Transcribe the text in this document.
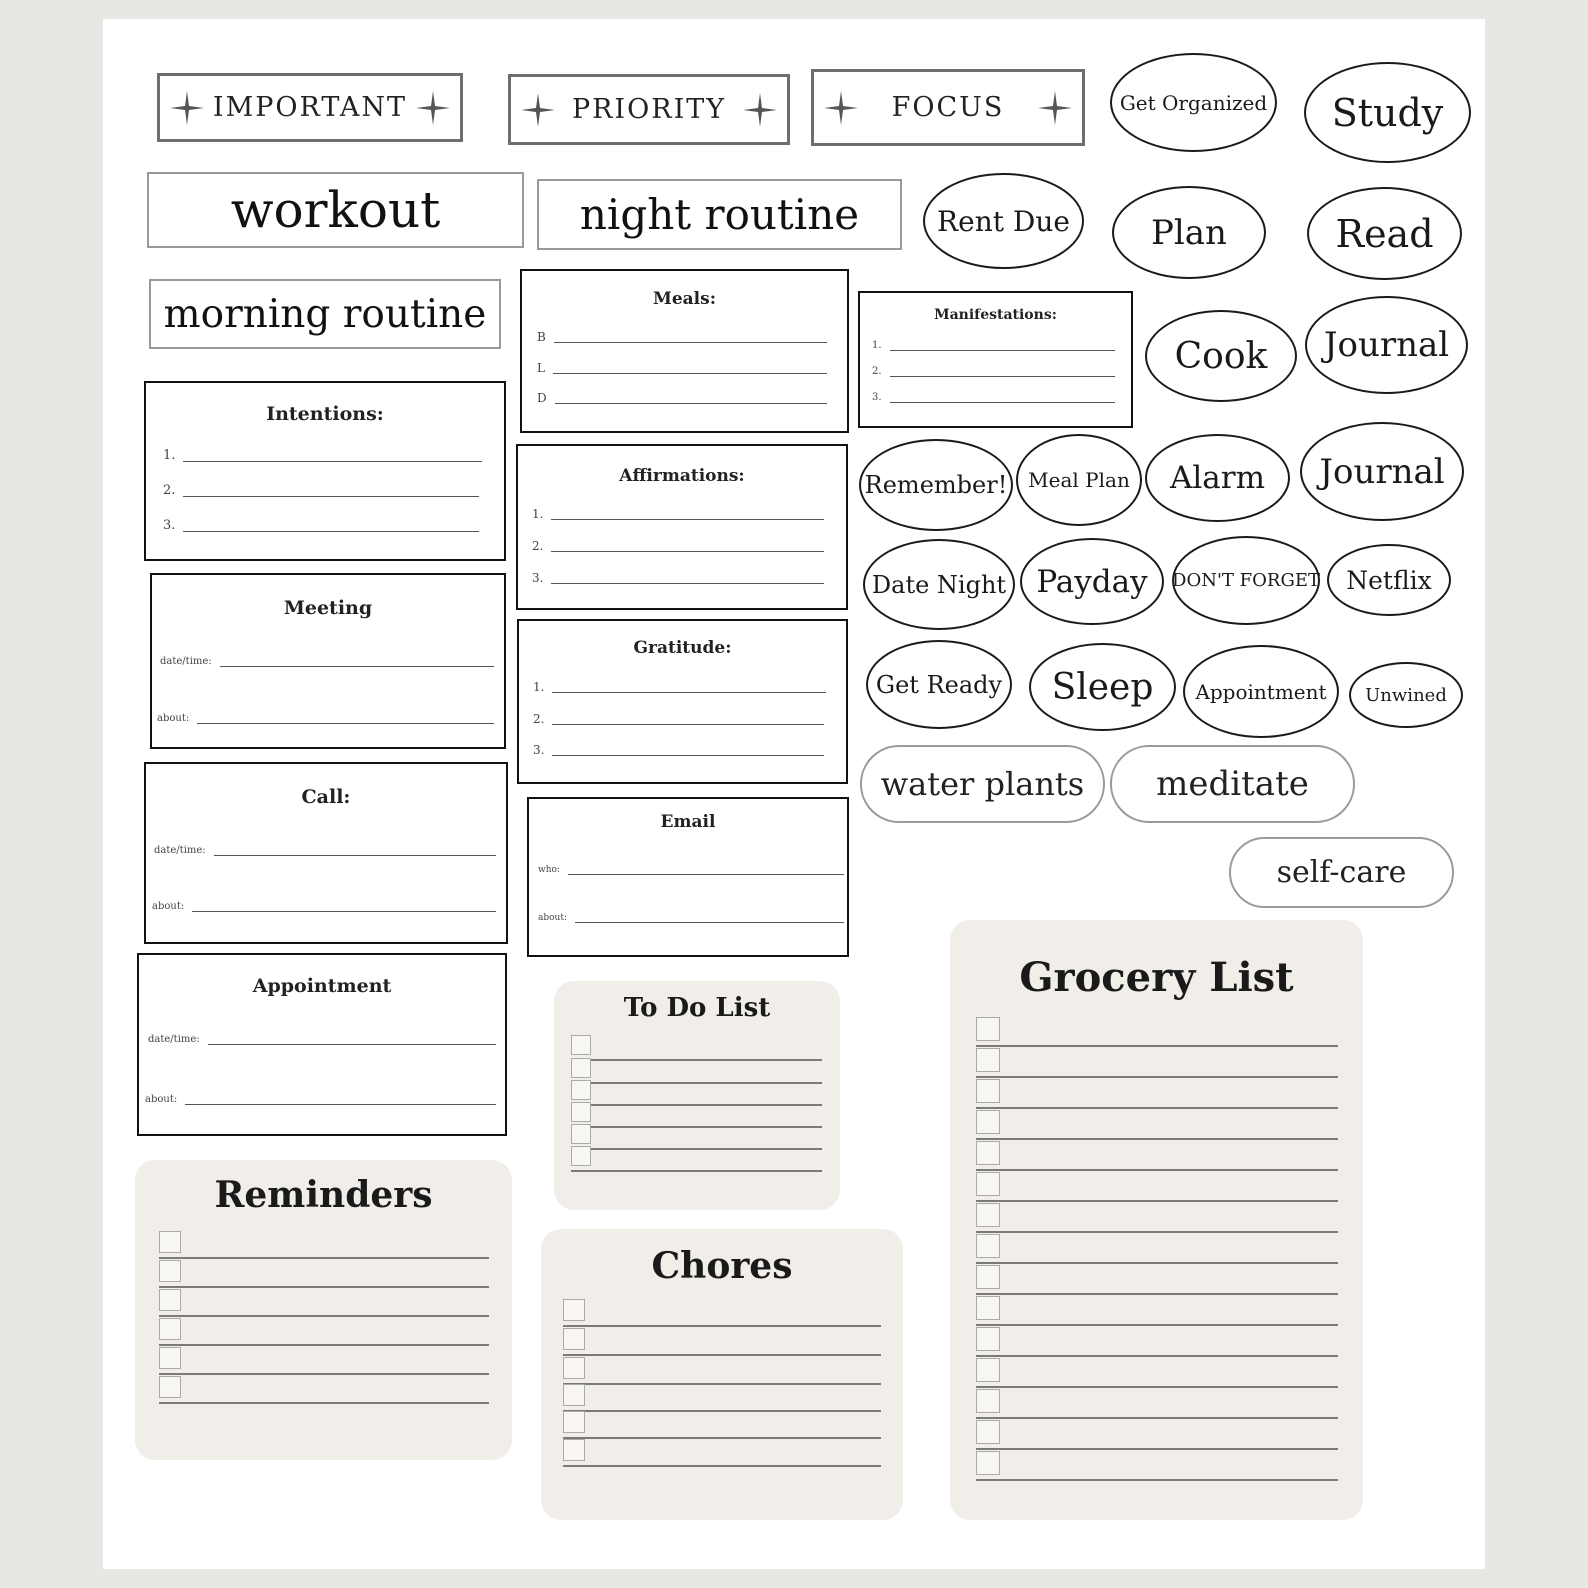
IMPORTANT	PRIORITY	FOCUS
workout	night routine
morning routine
Get Organized	Study
Rent Due	Plan	Read
Cook	Journal
Remember!	Meal Plan	Alarm	Journal
Date Night Payday	DON'T FORGET	Netflix
Get Ready	Sleep	Appointment	Unwined
water plants	meditate
self-care
Meals:
B
L
D
Manifestations:
1.
2.
3.
Intentions:
1.
2.
3.
Affirmations:
1.
2.
3.
Meeting
date/time:
about:
Gratitude:
1.
2.
3.
Call:
date/time:
about:
Email
who:
about:
Appointment
date/time:
about:
To Do List
Grocery List
Reminders
Chores
